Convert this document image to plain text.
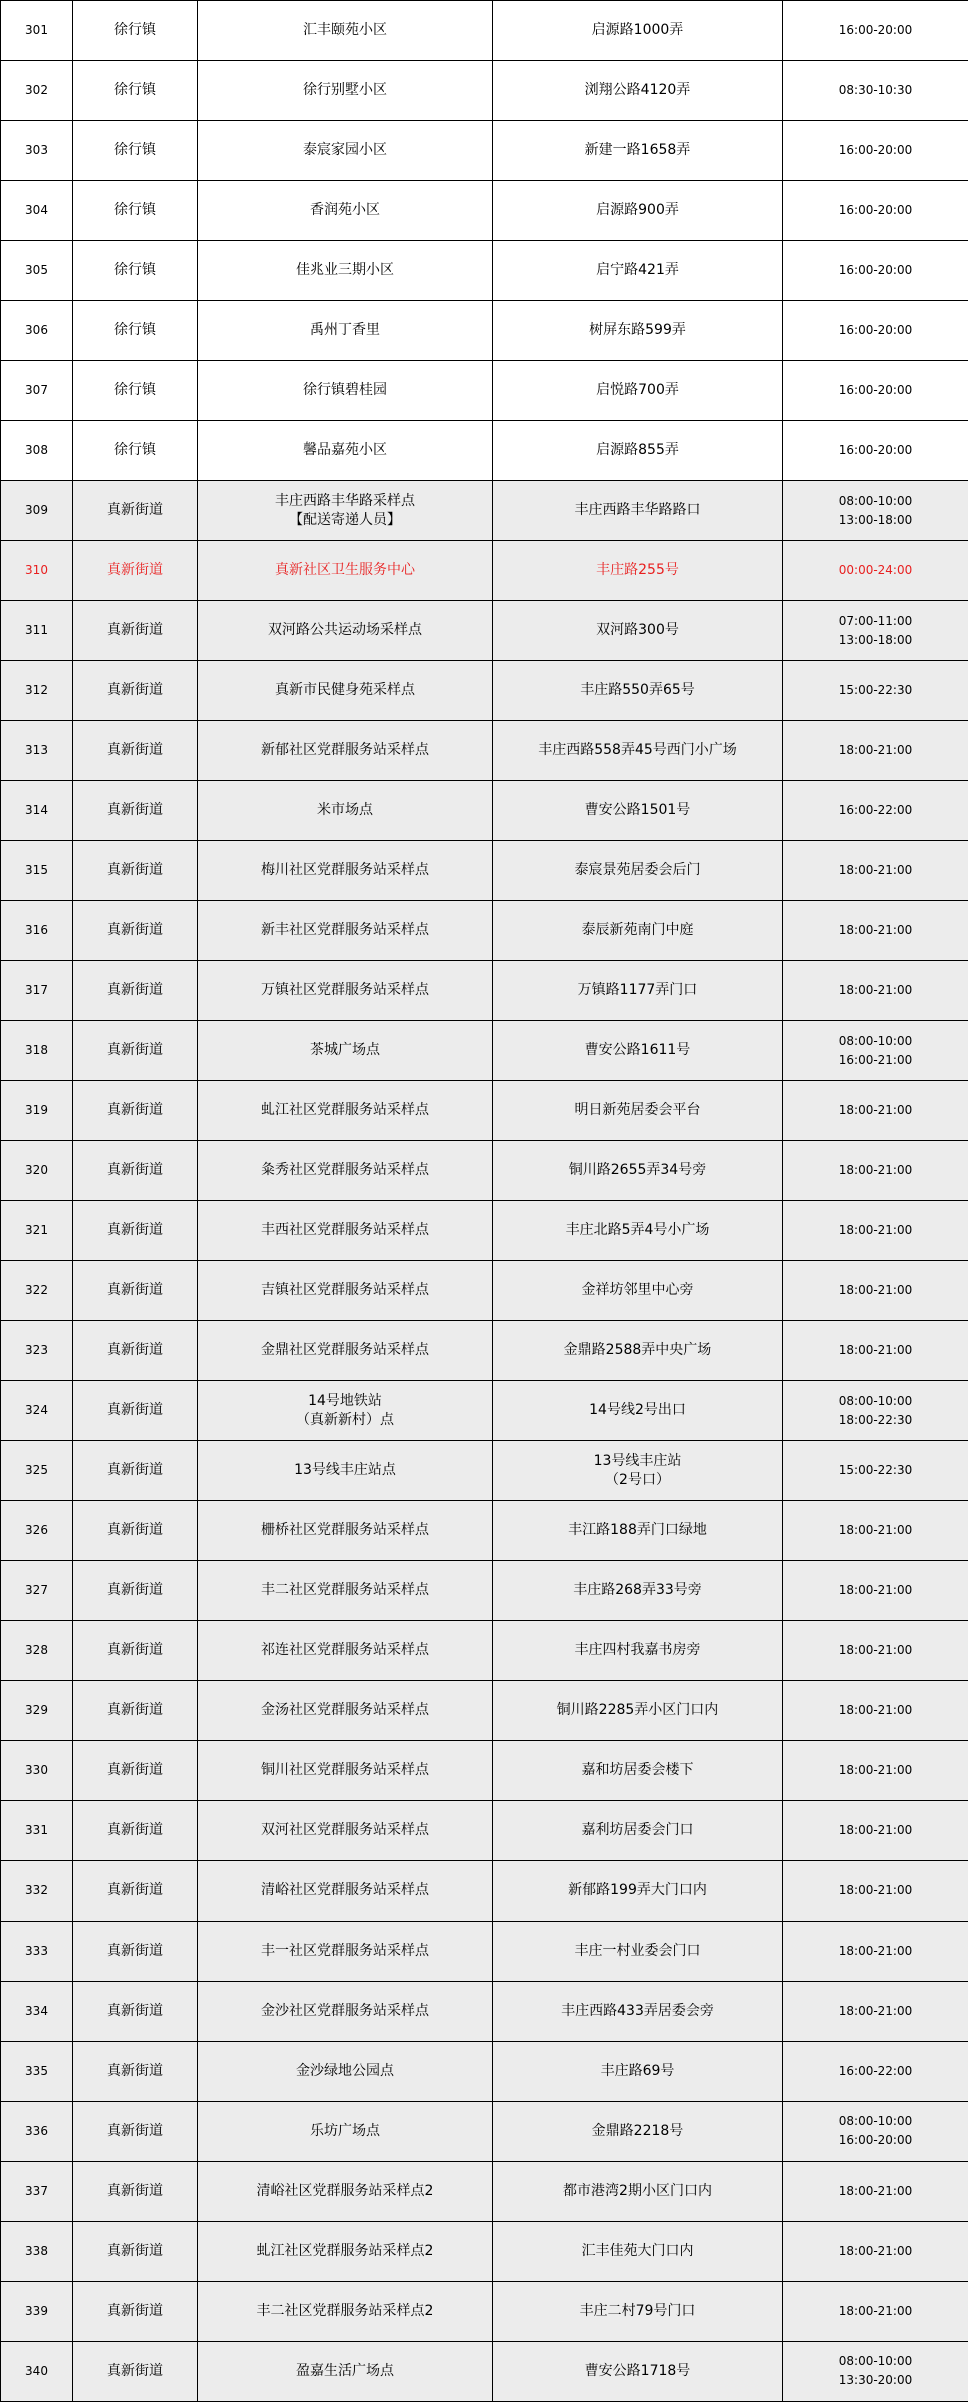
301	徐行镇	汇丰颐苑小区	启源路1000弄	16:00-20:00
302	徐行镇	徐行别墅小区	浏翔公路4120弄	08:30-10:30
303	徐行镇	泰宸家园小区	新建一路1658弄	16:00-20:00
304	徐行镇	香润苑小区	启源路900弄	16:00-20:00
305	徐行镇	佳兆业三期小区	启宁路421弄	16:00-20:00
306	徐行镇	禹州丁香里	树屏东路599弄	16:00-20:00
307	徐行镇	徐行镇碧桂园	启悦路700弄	16:00-20:00
308	徐行镇	馨品嘉苑小区	启源路855弄	16:00-20:00
309	真新街道	丰庄西路丰华路采样点
【配送寄递人员】	丰庄西路丰华路路口	08:00-10:00
13:00-18:00
310	真新街道	真新社区卫生服务中心	丰庄路255号	00:00-24:00
311	真新街道	双河路公共运动场采样点	双河路300号	07:00-11:00
13:00-18:00
312	真新街道	真新市民健身苑采样点	丰庄路550弄65号	15:00-22:30
313	真新街道	新郁社区党群服务站采样点	丰庄西路558弄45号西门小广场	18:00-21:00
314	真新街道	米市场点	曹安公路1501号	16:00-22:00
315	真新街道	梅川社区党群服务站采样点	泰宸景苑居委会后门	18:00-21:00
316	真新街道	新丰社区党群服务站采样点	泰辰新苑南门中庭	18:00-21:00
317	真新街道	万镇社区党群服务站采样点	万镇路1177弄门口	18:00-21:00
318	真新街道	茶城广场点	曹安公路1611号	08:00-10:00
16:00-21:00
319	真新街道	虬江社区党群服务站采样点	明日新苑居委会平台	18:00-21:00
320	真新街道	粂秀社区党群服务站采样点	铜川路2655弄34号旁	18:00-21:00
321	真新街道	丰西社区党群服务站采样点	丰庄北路5弄4号小广场	18:00-21:00
322	真新街道	吉镇社区党群服务站采样点	金祥坊邻里中心旁	18:00-21:00
323	真新街道	金鼎社区党群服务站采样点	金鼎路2588弄中央广场	18:00-21:00
324	真新街道	14号地铁站
（真新新村）点	14号线2号出口	08:00-10:00
18:00-22:30
325	真新街道	13号线丰庄站点	13号线丰庄站
（2号口）	15:00-22:30
326	真新街道	栅桥社区党群服务站采样点	丰江路188弄门口绿地	18:00-21:00
327	真新街道	丰二社区党群服务站采样点	丰庄路268弄33号旁	18:00-21:00
328	真新街道	祁连社区党群服务站采样点	丰庄四村我嘉书房旁	18:00-21:00
329	真新街道	金汤社区党群服务站采样点	铜川路2285弄小区门口内	18:00-21:00
330	真新街道	铜川社区党群服务站采样点	嘉和坊居委会楼下	18:00-21:00
331	真新街道	双河社区党群服务站采样点	嘉利坊居委会门口	18:00-21:00
332	真新街道	清峪社区党群服务站采样点	新郁路199弄大门口内	18:00-21:00
333	真新街道	丰一社区党群服务站采样点	丰庄一村业委会门口	18:00-21:00
334	真新街道	金沙社区党群服务站采样点	丰庄西路433弄居委会旁	18:00-21:00
335	真新街道	金沙绿地公园点	丰庄路69号	16:00-22:00
336	真新街道	乐坊广场点	金鼎路2218号	08:00-10:00
16:00-20:00
337	真新街道	清峪社区党群服务站采样点2	都市港湾2期小区门口内	18:00-21:00
338	真新街道	虬江社区党群服务站采样点2	汇丰佳苑大门口内	18:00-21:00
339	真新街道	丰二社区党群服务站采样点2	丰庄二村79号门口	18:00-21:00
340	真新街道	盈嘉生活广场点	曹安公路1718号	08:00-10:00
13:30-20:00
